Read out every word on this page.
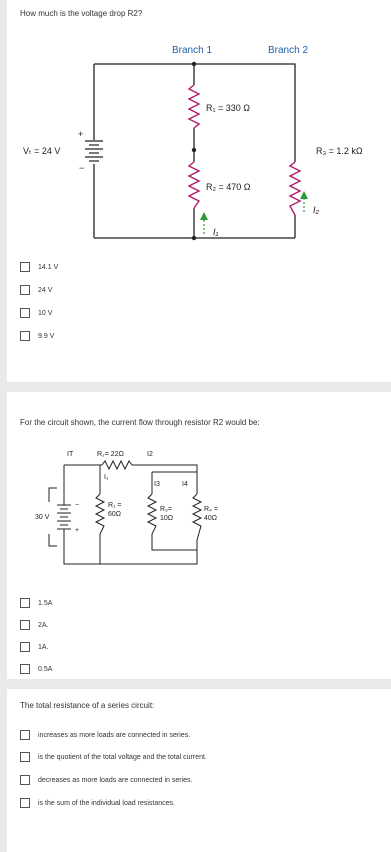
How much is the voltage drop R2?
Branch 1	Branch 2
+
−
Vₜ = 24 V
R₁ = 330 Ω
R₂ = 470 Ω
R₃ = 1.2 kΩ
I₁
I₂
14.1 V
24 V
10 V
9.9 V
For the circuit shown, the current flow through resistor R2 would be:
IT	R₂= 22Ω	I2
−
+
30 V
I₁
I3	I4
R₁ =
60Ω
R₃=
10Ω
R₄ =
40Ω
1.5A
2A.
1A.
0.5A
The total resistance of a series circuit:
increases as more loads are connected in series.
is the quotient of the total voltage and the total current.
decreases as more loads are connected in series.
is the sum of the individual load resistances.
